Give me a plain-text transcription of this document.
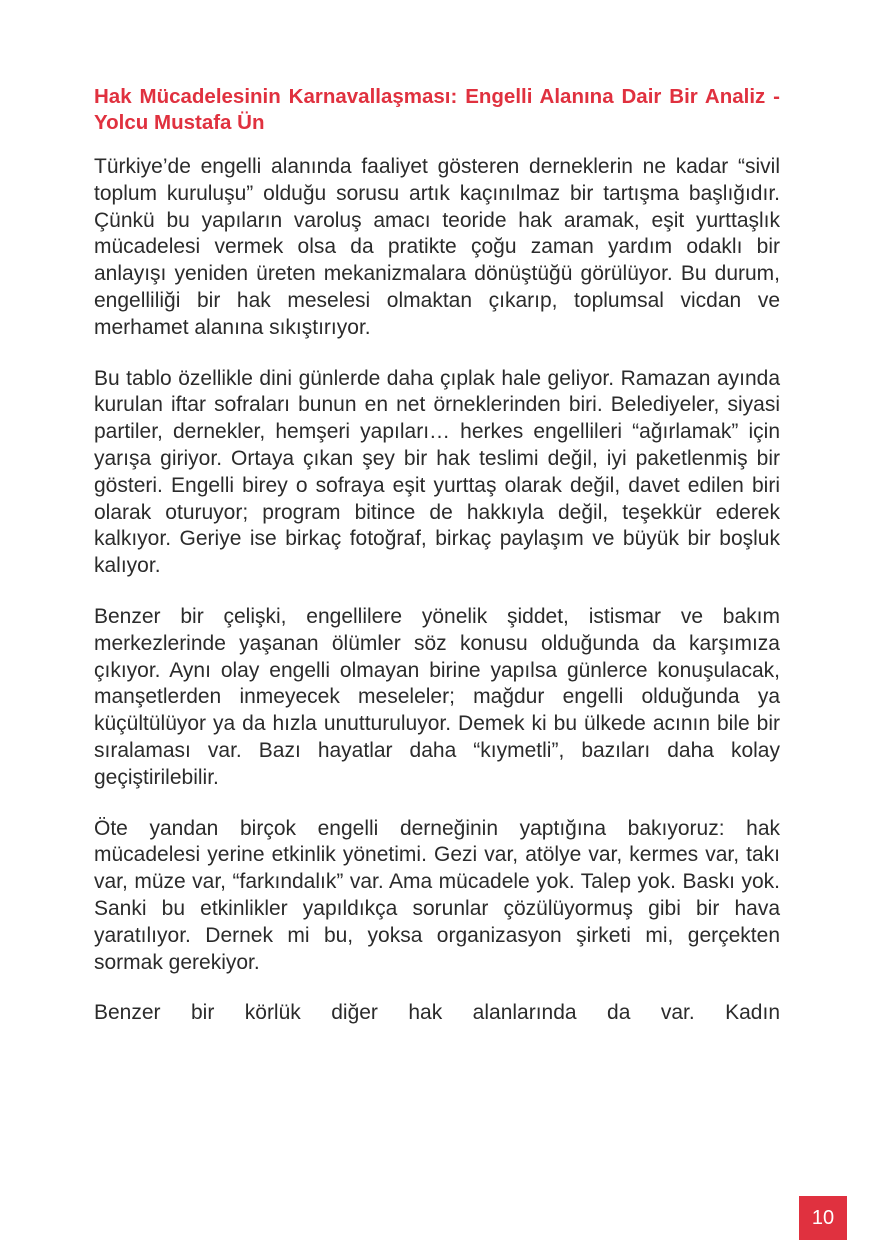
Hak Mücadelesinin Karnavallaşması: Engelli Alanına Dair Bir Analiz - Yolcu Mustafa Ün

Türkiye’de engelli alanında faaliyet gösteren derneklerin ne kadar “sivil toplum kuruluşu” olduğu sorusu artık kaçınılmaz bir tartışma başlığıdır. Çünkü bu yapıların varoluş amacı teoride hak aramak, eşit yurttaşlık mücadelesi vermek olsa da pratikte çoğu zaman yardım odaklı bir anlayışı yeniden üreten mekanizmalara dönüştüğü görülüyor. Bu durum, engelliliği bir hak meselesi olmaktan çıkarıp, toplumsal vicdan ve merhamet alanına sıkıştırıyor.

Bu tablo özellikle dini günlerde daha çıplak hale geliyor. Ramazan ayında kurulan iftar sofraları bunun en net örneklerinden biri. Belediyeler, siyasi partiler, dernekler, hemşeri yapıları… herkes engellileri “ağırlamak” için yarışa giriyor. Ortaya çıkan şey bir hak teslimi değil, iyi paketlenmiş bir gösteri. Engelli birey o sofraya eşit yurttaş olarak değil, davet edilen biri olarak oturuyor; program bitince de hakkıyla değil, teşekkür ederek kalkıyor. Geriye ise birkaç fotoğraf, birkaç paylaşım ve büyük bir boşluk kalıyor.

Benzer bir çelişki, engellilere yönelik şiddet, istismar ve bakım merkezlerinde yaşanan ölümler söz konusu olduğunda da karşımıza çıkıyor. Aynı olay engelli olmayan birine yapılsa günlerce konuşulacak, manşetlerden inmeyecek meseleler; mağdur engelli olduğunda ya küçültülüyor ya da hızla unutturuluyor. Demek ki bu ülkede acının bile bir sıralaması var. Bazı hayatlar daha “kıymetli”, bazıları daha kolay geçiştirilebilir.

Öte yandan birçok engelli derneğinin yaptığına bakıyoruz: hak mücadelesi yerine etkinlik yönetimi. Gezi var, atölye var, kermes var, takı var, müze var, “farkındalık” var. Ama mücadele yok. Talep yok. Baskı yok. Sanki bu etkinlikler yapıldıkça sorunlar çözülüyormuş gibi bir hava yaratılıyor. Dernek mi bu, yoksa organizasyon şirketi mi, gerçekten sormak gerekiyor.

Benzer bir körlük diğer hak alanlarında da var. Kadın

10
